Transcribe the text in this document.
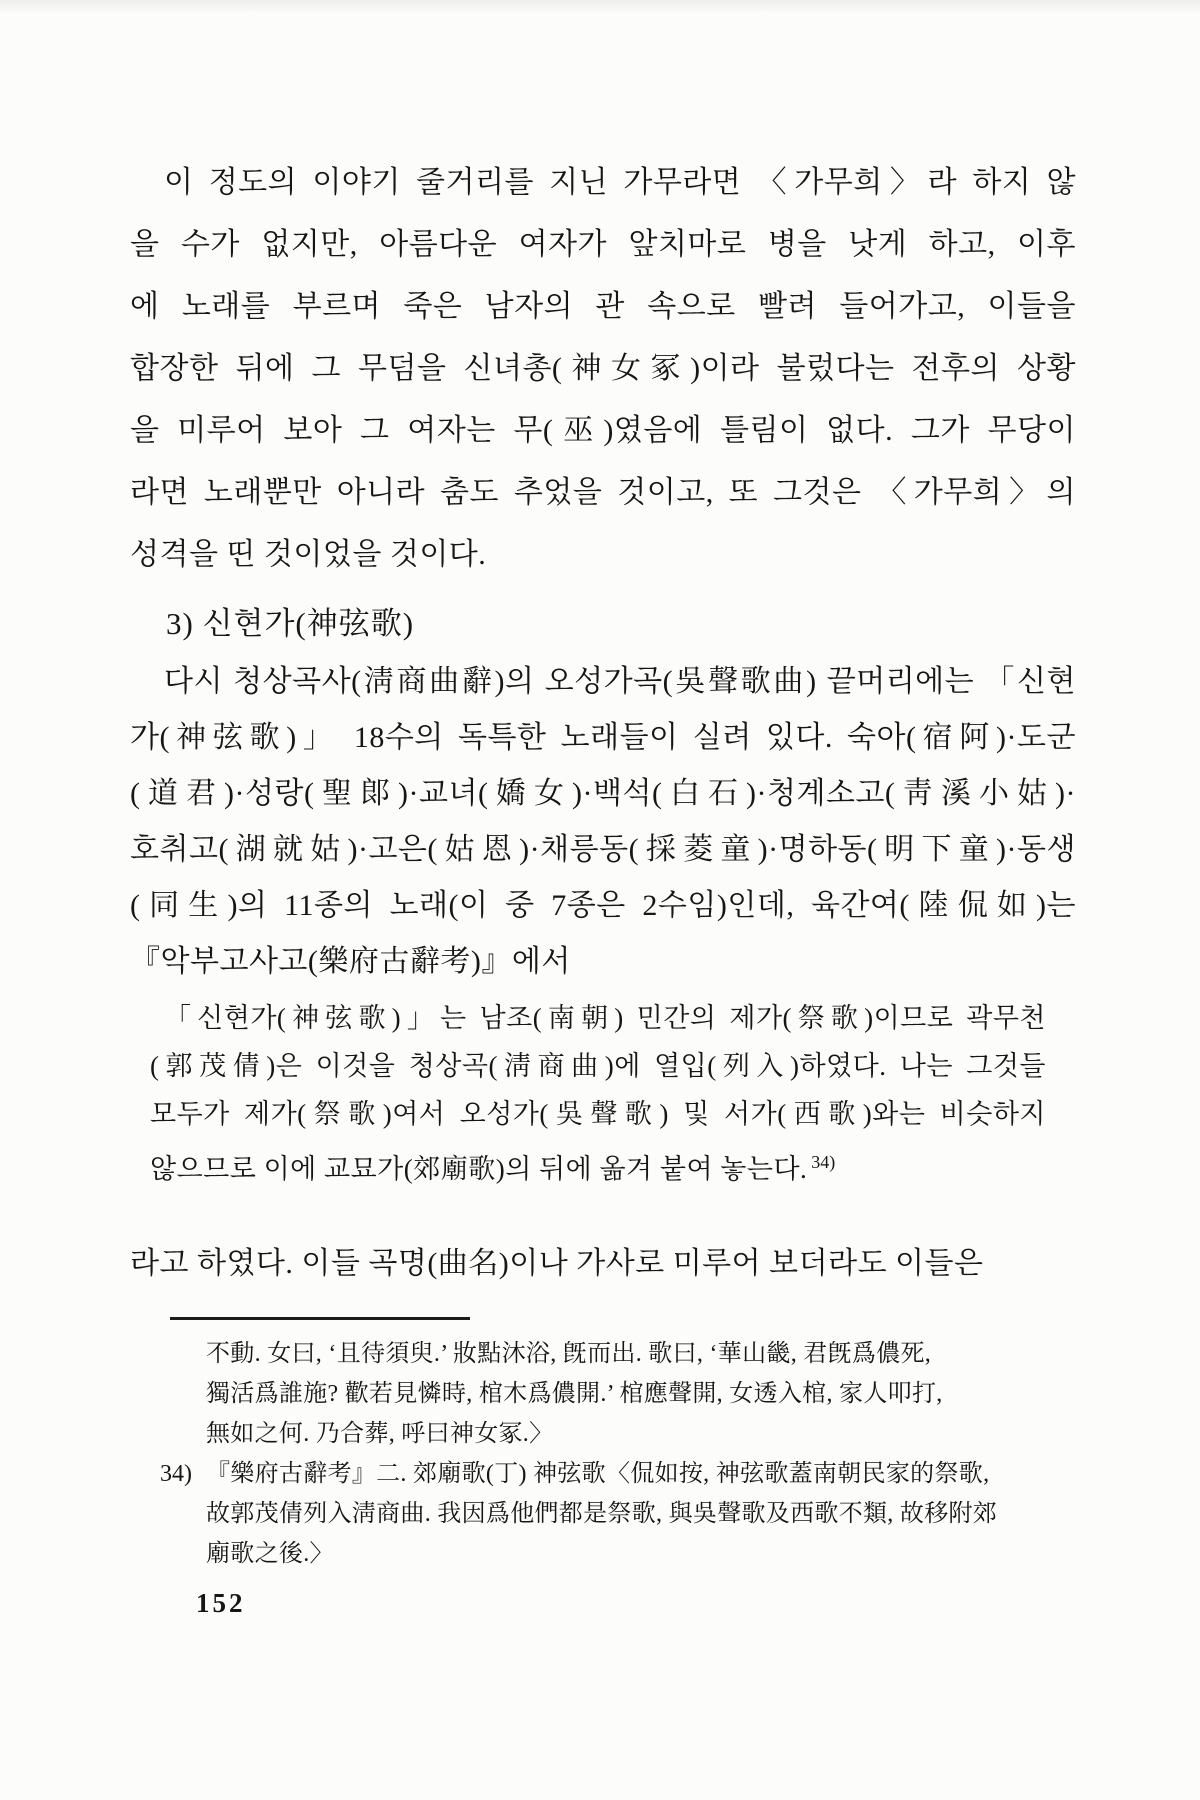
이 정도의 이야기 줄거리를 지닌 가무라면 〈가무희〉라 하지 않
을 수가 없지만, 아름다운 여자가 앞치마로 병을 낫게 하고, 이후
에 노래를 부르며 죽은 남자의 관 속으로 빨려 들어가고, 이들을
합장한 뒤에 그 무덤을 신녀총(神女冢)이라 불렀다는 전후의 상황
을 미루어 보아 그 여자는 무(巫)였음에 틀림이 없다. 그가 무당이
라면 노래뿐만 아니라 춤도 추었을 것이고, 또 그것은 〈가무희〉의
성격을 띤 것이었을 것이다.
3) 신현가(神弦歌)
다시 청상곡사(淸商曲辭)의 오성가곡(吳聲歌曲) 끝머리에는 「신현
가(神弦歌)」 18수의 독특한 노래들이 실려 있다. 숙아(宿阿)·도군
(道君)·성랑(聖郞)·교녀(嬌女)·백석(白石)·청계소고(靑溪小姑)·
호취고(湖就姑)·고은(姑恩)·채릉동(採菱童)·명하동(明下童)·동생
(同生)의 11종의 노래(이 중 7종은 2수임)인데, 육간여(陸侃如)는
『악부고사고(樂府古辭考)』에서
「신현가(神弦歌)」는 남조(南朝) 민간의 제가(祭歌)이므로 곽무천
(郭茂倩)은 이것을 청상곡(淸商曲)에 열입(列入)하였다. 나는 그것들
모두가 제가(祭歌)여서 오성가(吳聲歌) 및 서가(西歌)와는 비슷하지
않으므로 이에 교묘가(郊廟歌)의 뒤에 옮겨 붙여 놓는다. $^{34)}$
라고 하였다. 이들 곡명(曲名)이나 가사로 미루어 보더라도 이들은
不動. 女曰, ‘且待須臾.’ 妝點沐浴, 旣而出. 歌曰, ‘華山畿, 君旣爲儂死,
獨活爲誰施? 歡若見憐時, 棺木爲儂開.’ 棺應聲開, 女透入棺, 家人叩打,
無如之何. 乃合葬, 呼曰神女冢.〉
34) 『樂府古辭考』二. 郊廟歌(丁) 神弦歌〈侃如按, 神弦歌蓋南朝民家的祭歌,
故郭茂倩列入淸商曲. 我因爲他們都是祭歌, 與吳聲歌及西歌不類, 故移附郊
廟歌之後.〉
152
